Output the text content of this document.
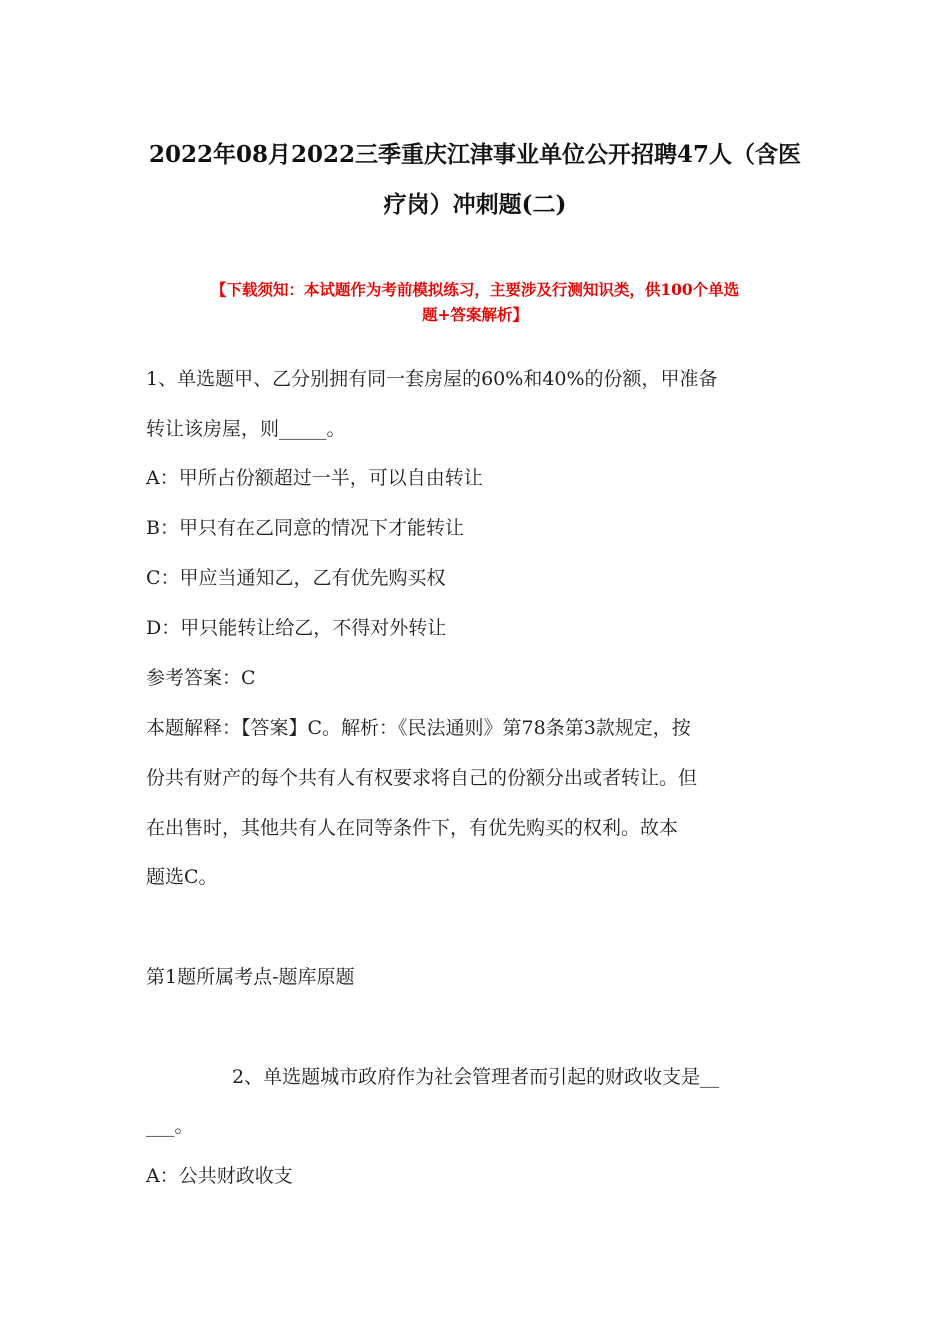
2022年08月2022三季重庆江津事业单位公开招聘47人（含医
疗岗）冲刺题(二)
【下载须知：本试题作为考前模拟练习，主要涉及行测知识类，供100个单选
题+答案解析】
1、单选题甲、乙分别拥有同一套房屋的60%和40%的份额，甲准备
转让该房屋，则_____。
A：甲所占份额超过一半，可以自由转让
B：甲只有在乙同意的情况下才能转让
C：甲应当通知乙，乙有优先购买权
D：甲只能转让给乙，不得对外转让
参考答案：C
本题解释：【答案】C。解析：《民法通则》第78条第3款规定，按
份共有财产的每个共有人有权要求将自己的份额分出或者转让。但
在出售时，其他共有人在同等条件下，有优先购买的权利。故本
题选C。
第1题所属考点-题库原题
2、单选题城市政府作为社会管理者而引起的财政收支是__
___。
A：公共财政收支
